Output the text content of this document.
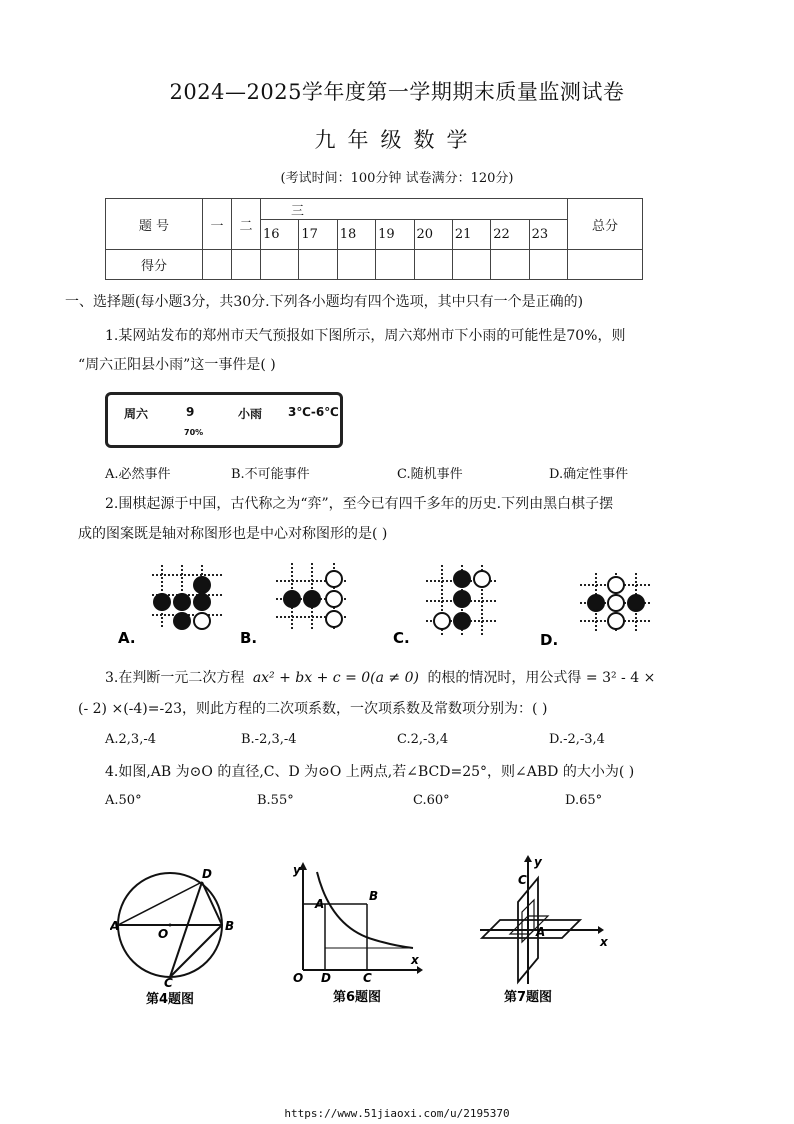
2024—2025学年度第一学期期末质量监测试卷
九年级数学
(考试时间：100分钟 试卷满分：120分)
题 号	一	二	三								总分
			16	17	18	19	20	21	22	23	
得分											
一、选择题(每小题3分，共30分.下列各小题均有四个选项，其中只有一个是正确的)
1.某网站发布的郑州市天气预报如下图所示，周六郑州市下小雨的可能性是70%，则
“周六正阳县小雨”这一事件是( )
周六	9	小雨 3℃-6℃
70%
A.必然事件	B.不可能事件	C.随机事件	D.确定性事件
2.围棋起源于中国，古代称之为“弈”，至今已有四千多年的历史.下列由黑白棋子摆
成的图案既是轴对称图形也是中心对称图形的是( )
A.	B.	C.	D.
3.在判断一元二次方程 ax² + bx + c = 0(a ≠ 0) 的根的情况时，用公式得 = 3² - 4 ×
(- 2) ×(-4)=-23，则此方程的二次项系数，一次项系数及常数项分别为：( )
A.2,3,-4	B.-2,3,-4	C.2,-3,4	D.-2,-3,4
4.如图,AB 为⊙O 的直径,C、D 为⊙O 上两点,若∠BCD=25°，则∠ABD 的大小为( )
A.50°	B.55°	C.60°	D.65°
A	B
D
C
O
第4题图
y
x
O
A
B
D	C
第6题图
y
x
C
A
第7题图
https://www.51jiaoxi.com/u/2195370
